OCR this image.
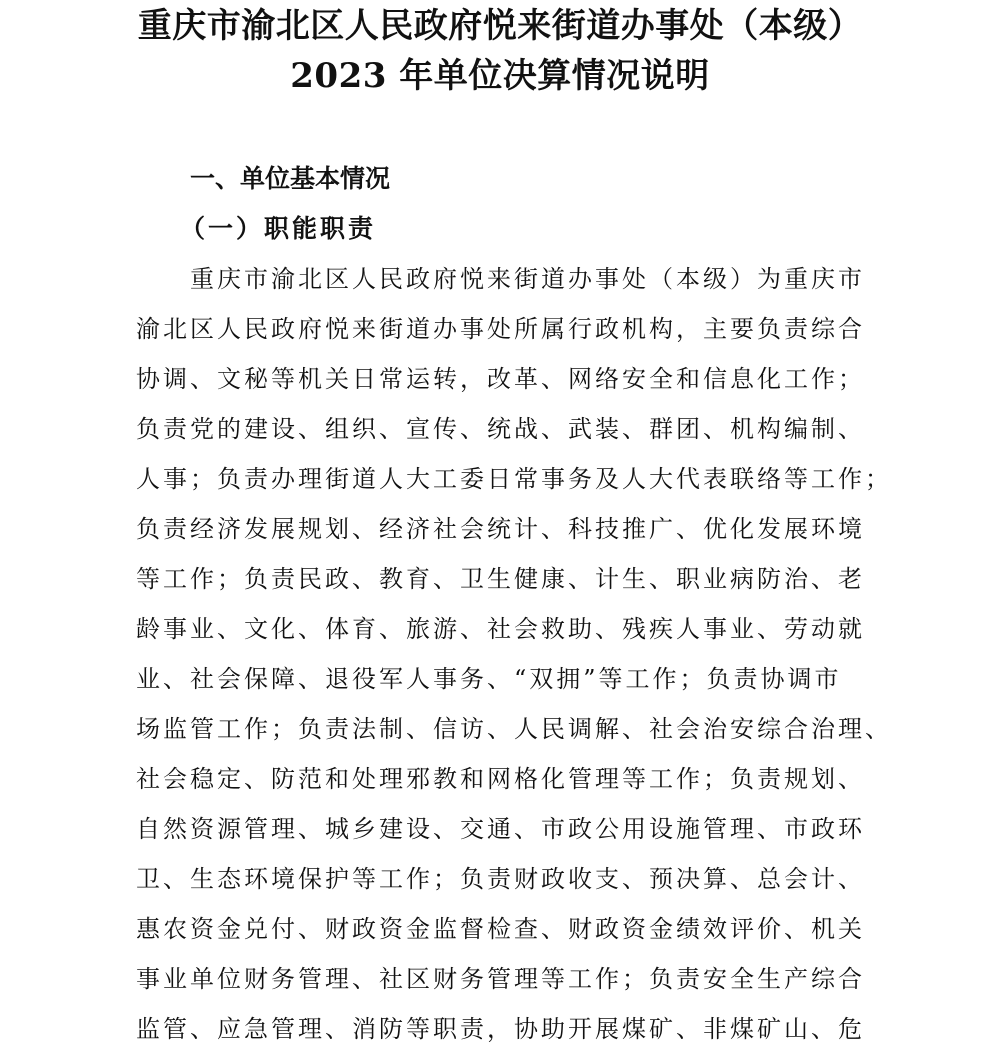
重庆市渝北区人民政府悦来街道办事处（本级）
2023 年单位决算情况说明
一、单位基本情况
（一）职能职责

重庆市渝北区人民政府悦来街道办事处（本级）为重庆市

渝北区人民政府悦来街道办事处所属行政机构，主要负责综合

协调、文秘等机关日常运转，改革、网络安全和信息化工作；

负责党的建设、组织、宣传、统战、武装、群团、机构编制、

人事；负责办理街道人大工委日常事务及人大代表联络等工作；

负责经济发展规划、经济社会统计、科技推广、优化发展环境

等工作；负责民政、教育、卫生健康、计生、职业病防治、老

龄事业、文化、体育、旅游、社会救助、残疾人事业、劳动就

业、社会保障、退役军人事务、“双拥”等工作；负责协调市

场监管工作；负责法制、信访、人民调解、社会治安综合治理、

社会稳定、防范和处理邪教和网格化管理等工作；负责规划、

自然资源管理、城乡建设、交通、市政公用设施管理、市政环

卫、生态环境保护等工作；负责财政收支、预决算、总会计、

惠农资金兑付、财政资金监督检查、财政资金绩效评价、机关

事业单位财务管理、社区财务管理等工作；负责安全生产综合

监管、应急管理、消防等职责，协助开展煤矿、非煤矿山、危
